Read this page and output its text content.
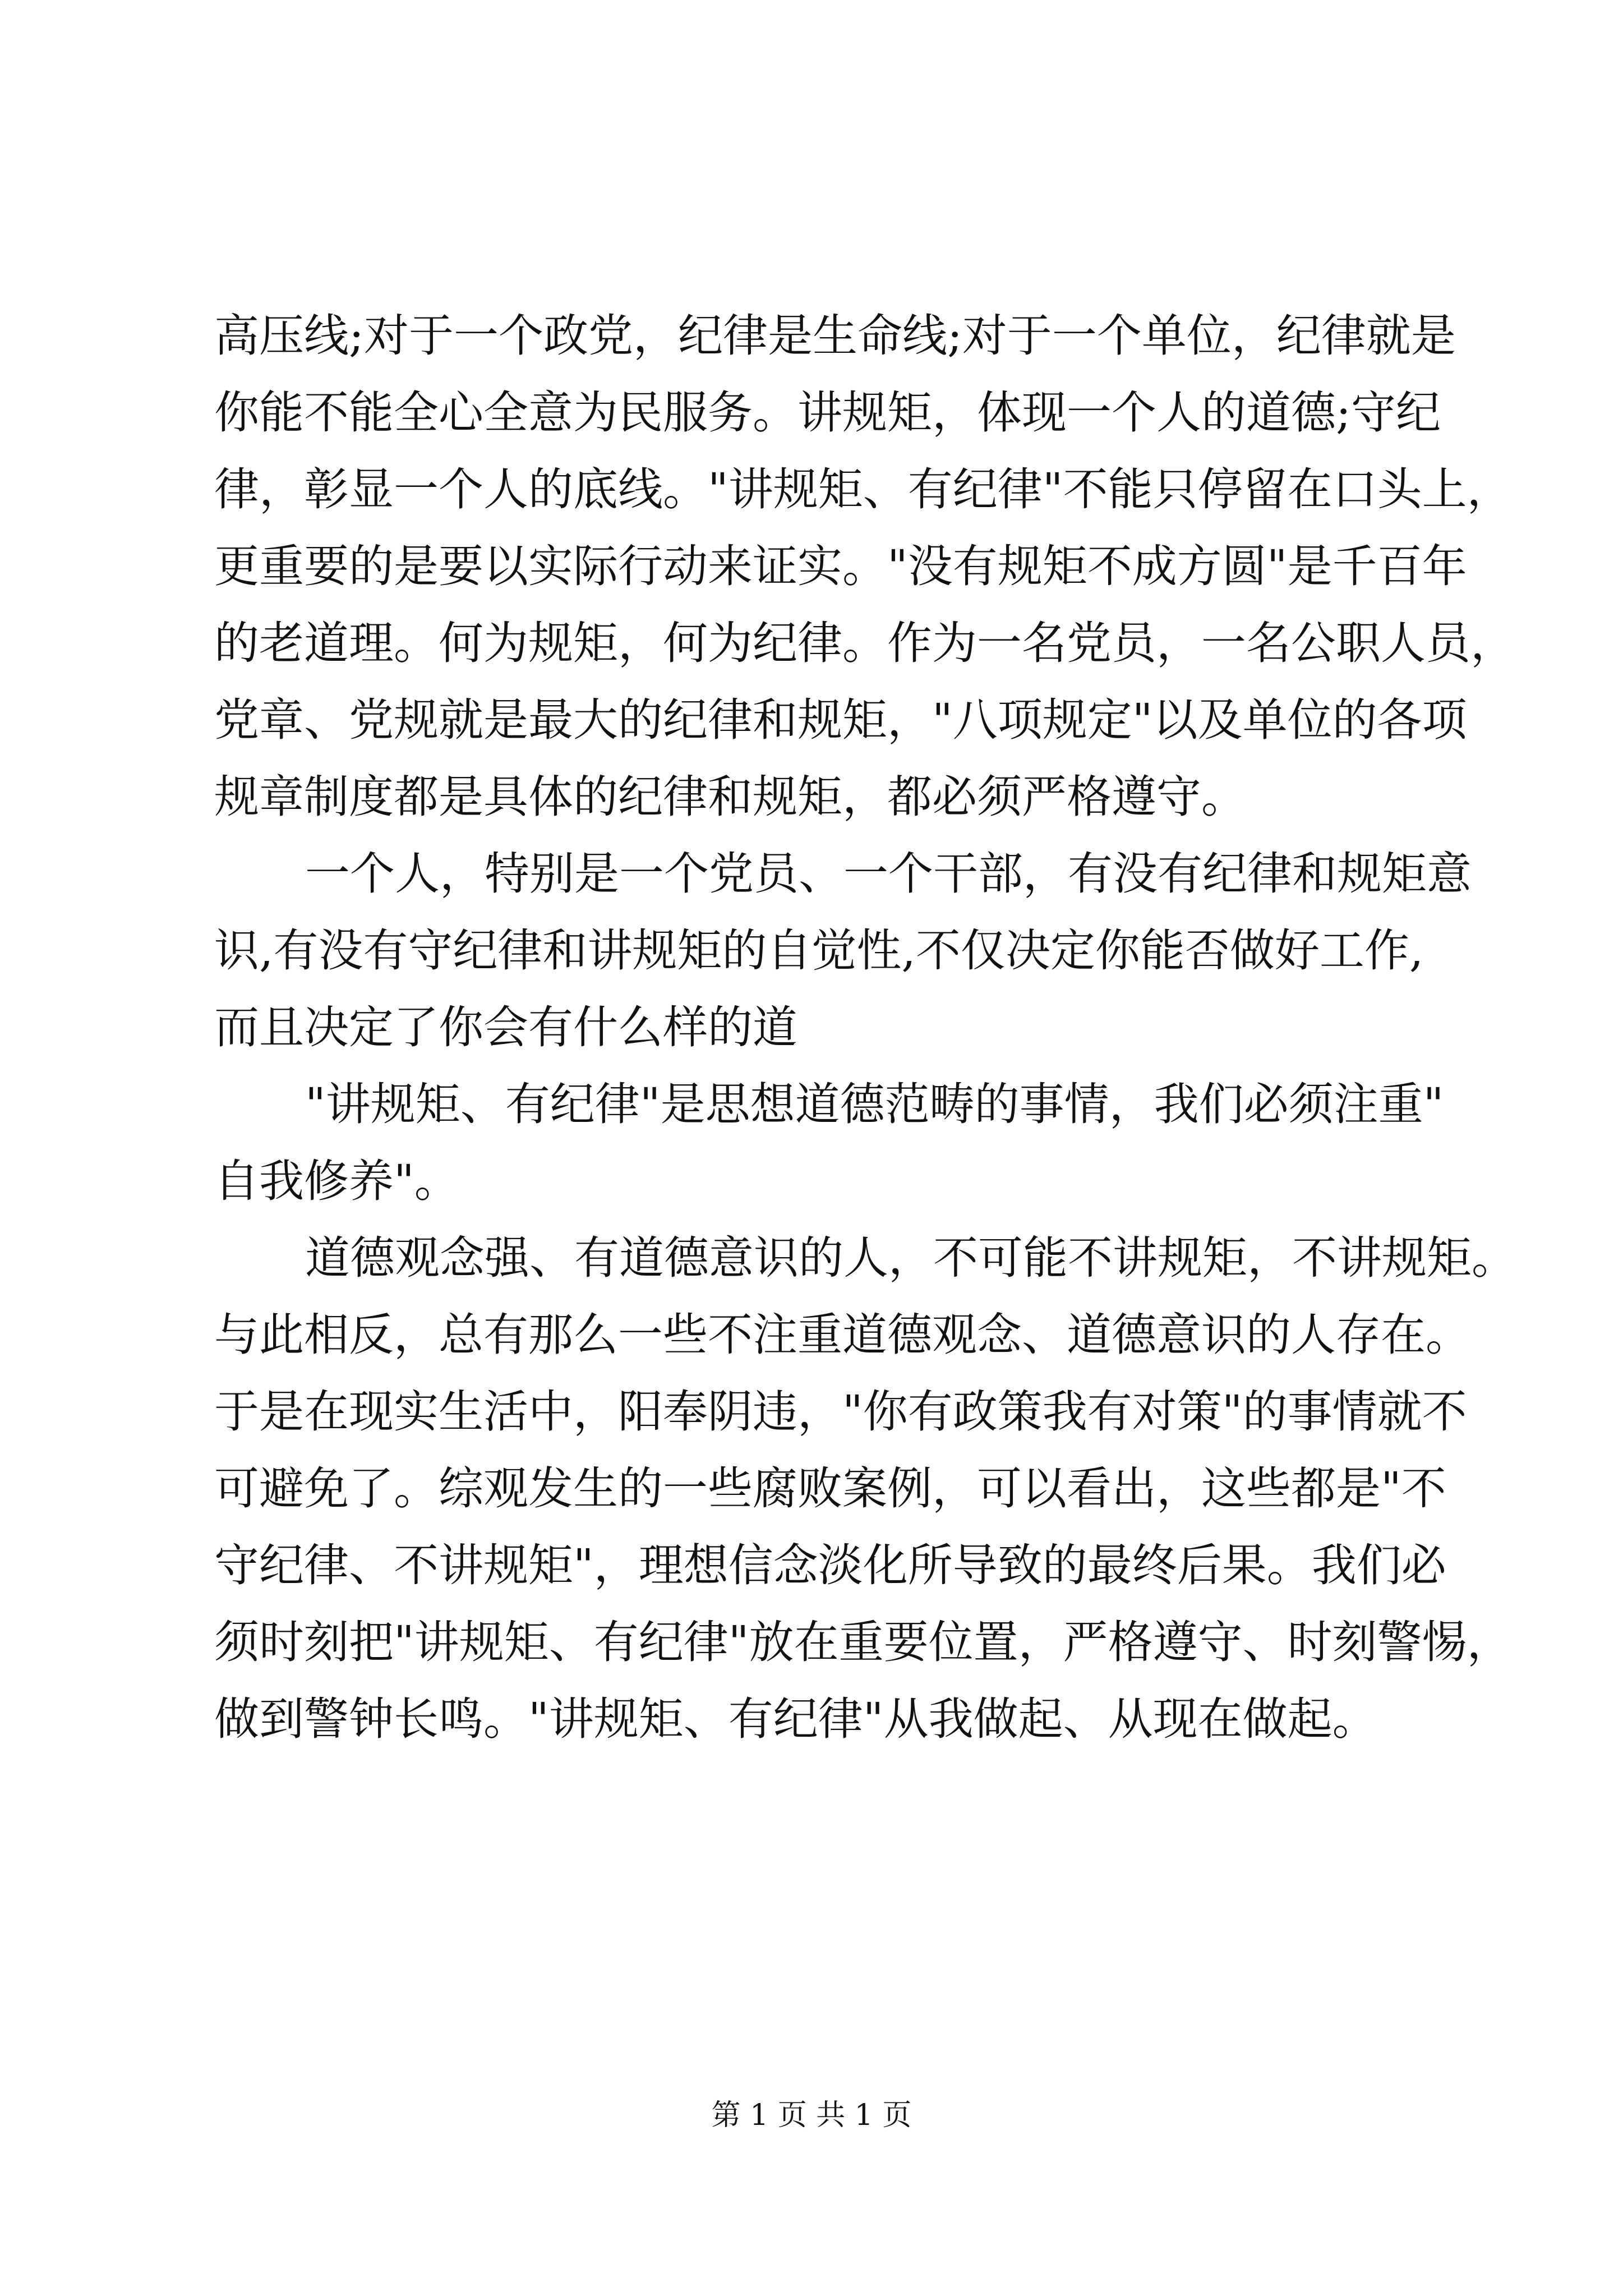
高压线;对于一个政党，纪律是生命线;对于一个单位，纪律就是
你能不能全心全意为民服务。讲规矩，体现一个人的道德;守纪
律，彰显一个人的底线。"讲规矩、有纪律"不能只停留在口头上，
更重要的是要以实际行动来证实。"没有规矩不成方圆"是千百年
的老道理。何为规矩，何为纪律。作为一名党员，一名公职人员，
党章、党规就是最大的纪律和规矩，"八项规定"以及单位的各项
规章制度都是具体的纪律和规矩，都必须严格遵守。
一个人，特别是一个党员、一个干部，有没有纪律和规矩意
识,有没有守纪律和讲规矩的自觉性,不仅决定你能否做好工作,
而且决定了你会有什么样的道
"讲规矩、有纪律"是思想道德范畴的事情，我们必须注重"
自我修养"。
道德观念强、有道德意识的人，不可能不讲规矩，不讲规矩。
与此相反，总有那么一些不注重道德观念、道德意识的人存在。
于是在现实生活中，阳奉阴违，"你有政策我有对策"的事情就不
可避免了。综观发生的一些腐败案例，可以看出，这些都是"不
守纪律、不讲规矩"，理想信念淡化所导致的最终后果。我们必
须时刻把"讲规矩、有纪律"放在重要位置，严格遵守、时刻警惕，
做到警钟长鸣。"讲规矩、有纪律"从我做起、从现在做起。
第 1 页 共 1 页
